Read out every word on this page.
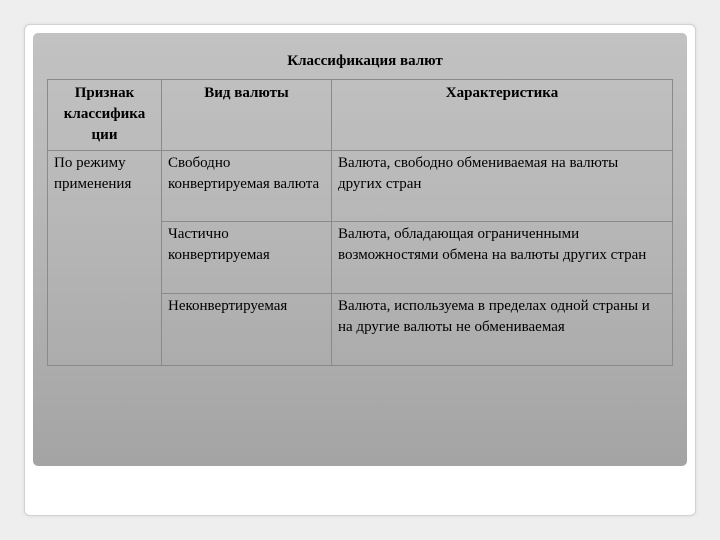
Классификация валют
Признак классифика ции	Вид валюты	Характеристика
По режиму применения	Свободно конвертируемая валюта	Валюта, свободно обмениваемая на валюты других стран
	Частично конвертируемая	Валюта, обладающая ограниченными возможностями обмена на валюты других стран
	Неконвертируемая	Валюта, используема в пределах одной страны и на другие валюты не обмениваемая
